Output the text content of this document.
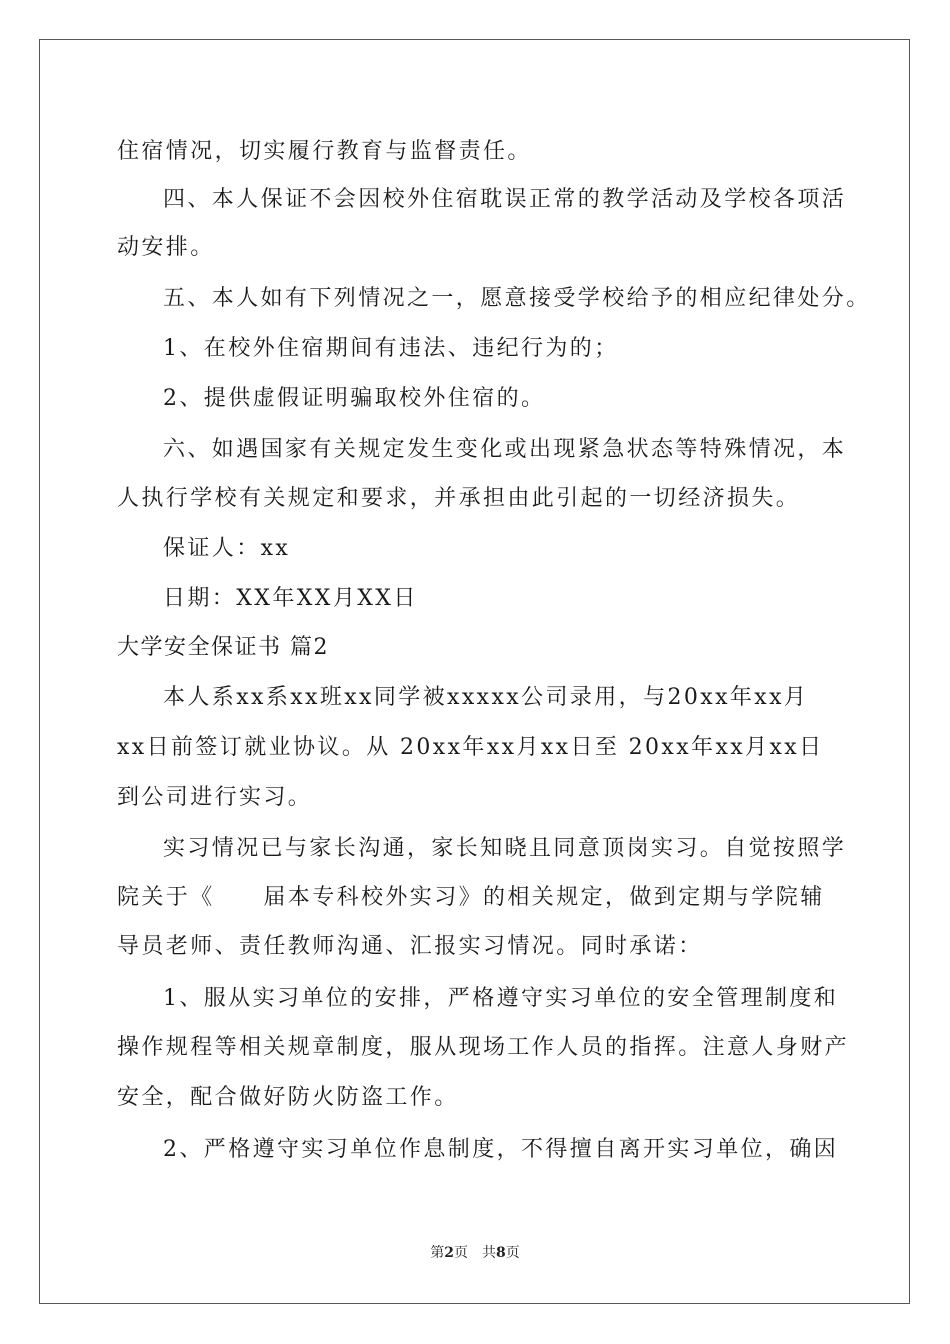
住宿情况，切实履行教育与监督责任。
四、本人保证不会因校外住宿耽误正常的教学活动及学校各项活
动安排。
五、本人如有下列情况之一，愿意接受学校给予的相应纪律处分。
1、在校外住宿期间有违法、违纪行为的；
2、提供虚假证明骗取校外住宿的。
六、如遇国家有关规定发生变化或出现紧急状态等特殊情况，本
人执行学校有关规定和要求，并承担由此引起的一切经济损失。
保证人：xx
日期：XX年XX月XX日
大学安全保证书 篇2
本人系xx系xx班xx同学被xxxxx公司录用，与20xx年xx月
xx日前签订就业协议。从 20xx年xx月xx日至 20xx年xx月xx日
到公司进行实习。
实习情况已与家长沟通，家长知晓且同意顶岗实习。自觉按照学
院关于《　　届本专科校外实习》的相关规定，做到定期与学院辅
导员老师、责任教师沟通、汇报实习情况。同时承诺：
1、服从实习单位的安排，严格遵守实习单位的安全管理制度和
操作规程等相关规章制度，服从现场工作人员的指挥。注意人身财产
安全，配合做好防火防盗工作。
2、严格遵守实习单位作息制度，不得擅自离开实习单位，确因
第2页　共8页
